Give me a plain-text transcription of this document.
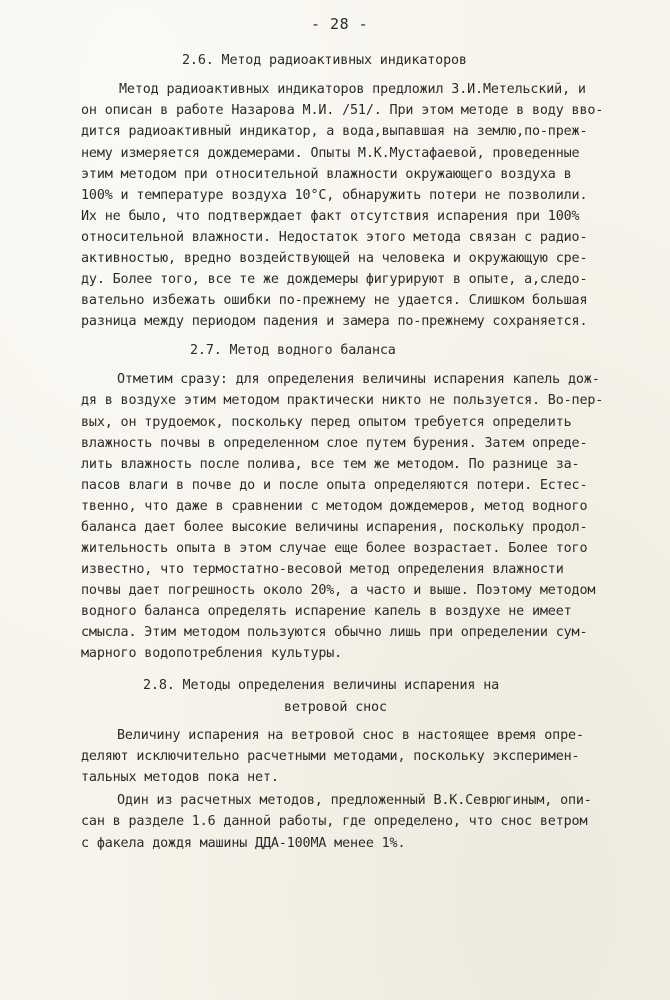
- 28 -
2.6. Метод радиоактивных индикаторов
Метод радиоактивных индикаторов предложил З.И.Метельский, и
он описан в работе Назарова М.И. /51/. При этом методе в воду вво-
дится радиоактивный индикатор, а вода,выпавшая на землю,по-преж-
нему измеряется дождемерами. Опыты М.К.Мустафаевой, проведенные
этим методом при относительной влажности окружающего воздуха в
100% и температуре воздуха 10°С, обнаружить потери не позволили.
Их не было, что подтверждает факт отсутствия испарения при 100%
относительной влажности. Недостаток этого метода связан с радио-
активностью, вредно воздействующей на человека и окружающую сре-
ду. Более того, все те же дождемеры фигурируют в опыте, а,следо-
вательно избежать ошибки по-прежнему не удается. Слишком большая
разница между периодом падения и замера по-прежнему сохраняется.
2.7. Метод водного баланса
Отметим сразу: для определения величины испарения капель дож-
дя в воздухе этим методом практически никто не пользуется. Во-пер-
вых, он трудоемок, поскольку перед опытом требуется определить
влажность почвы в определенном слое путем бурения. Затем опреде-
лить влажность после полива, все тем же методом. По разнице за-
пасов влаги в почве до и после опыта определяются потери. Естес-
твенно, что даже в сравнении с методом дождемеров, метод водного
баланса дает более высокие величины испарения, поскольку продол-
жительность опыта в этом случае еще более возрастает. Более того
известно, что термостатно-весовой метод определения влажности
почвы дает погрешность около 20%, а часто и выше. Поэтому методом
водного баланса определять испарение капель в воздухе не имеет
смысла. Этим методом пользуются обычно лишь при определении сум-
марного водопотребления культуры.
2.8. Методы определения величины испарения на
ветровой снос
Величину испарения на ветровой снос в настоящее время опре-
деляют исключительно расчетными методами, поскольку эксперимен-
тальных методов пока нет.
Один из расчетных методов, предложенный В.К.Севрюгиным, опи-
сан в разделе 1.6 данной работы, где определено, что снос ветром
с факела дождя машины ДДА-100МА менее 1%.
